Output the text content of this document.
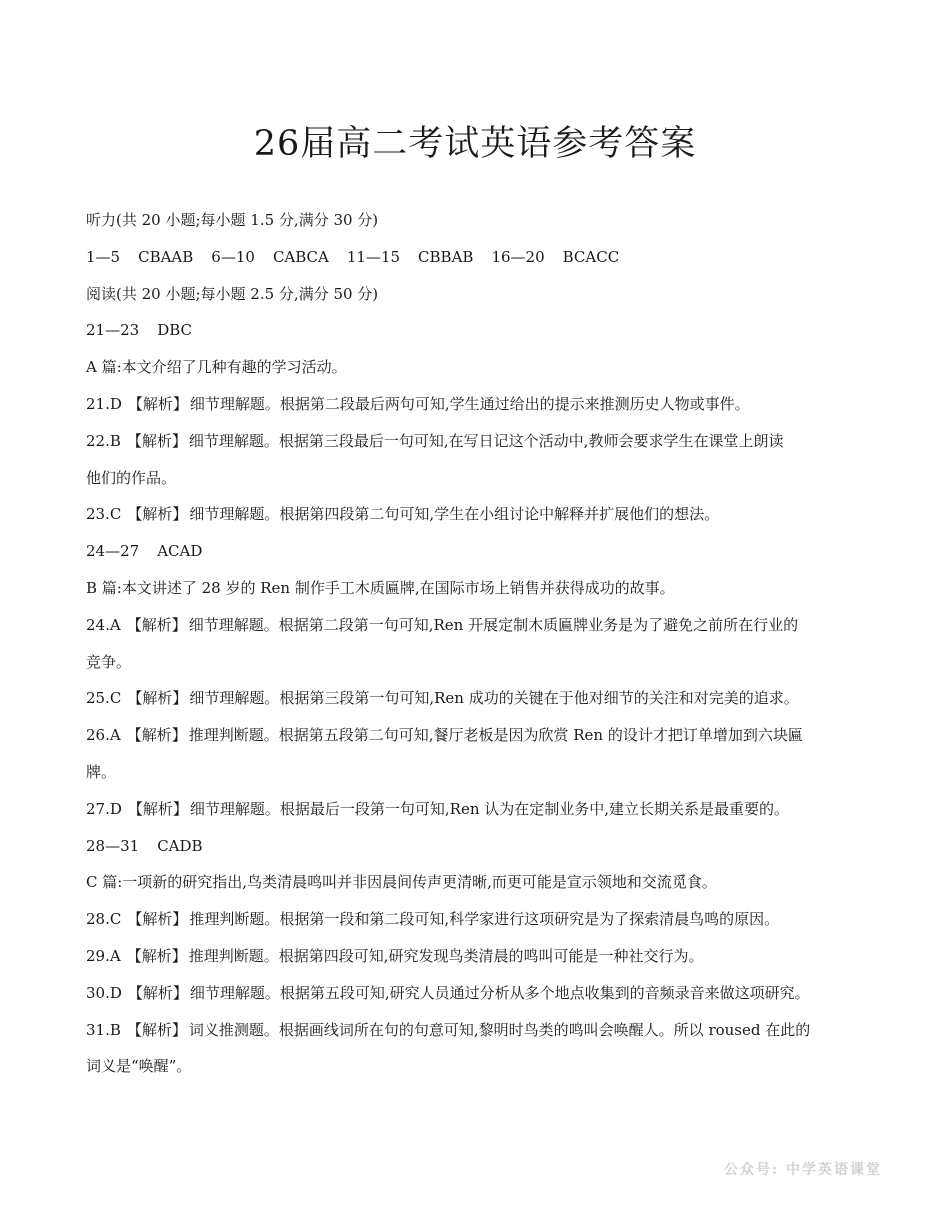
26届高二考试英语参考答案
听力(共 20 小题;每小题 1.5 分,满分 30 分)
1—5 CBAAB 6—10 CABCA 11—15 CBBAB 16—20 BCACC
阅读(共 20 小题;每小题 2.5 分,满分 50 分)
21—23 DBC
A 篇:本文介绍了几种有趣的学习活动。
21.D 【解析】 细节理解题。根据第二段最后两句可知,学生通过给出的提示来推测历史人物或事件。
22.B 【解析】 细节理解题。根据第三段最后一句可知,在写日记这个活动中,教师会要求学生在课堂上朗读
他们的作品。
23.C 【解析】 细节理解题。根据第四段第二句可知,学生在小组讨论中解释并扩展他们的想法。
24—27 ACAD
B 篇:本文讲述了 28 岁的 Ren 制作手工木质匾牌,在国际市场上销售并获得成功的故事。
24.A 【解析】 细节理解题。根据第二段第一句可知,Ren 开展定制木质匾牌业务是为了避免之前所在行业的
竞争。
25.C 【解析】 细节理解题。根据第三段第一句可知,Ren 成功的关键在于他对细节的关注和对完美的追求。
26.A 【解析】 推理判断题。根据第五段第二句可知,餐厅老板是因为欣赏 Ren 的设计才把订单增加到六块匾
牌。
27.D 【解析】 细节理解题。根据最后一段第一句可知,Ren 认为在定制业务中,建立长期关系是最重要的。
28—31 CADB
C 篇:一项新的研究指出,鸟类清晨鸣叫并非因晨间传声更清晰,而更可能是宣示领地和交流觅食。
28.C 【解析】 推理判断题。根据第一段和第二段可知,科学家进行这项研究是为了探索清晨鸟鸣的原因。
29.A 【解析】 推理判断题。根据第四段可知,研究发现鸟类清晨的鸣叫可能是一种社交行为。
30.D 【解析】 细节理解题。根据第五段可知,研究人员通过分析从多个地点收集到的音频录音来做这项研究。
31.B 【解析】 词义推测题。根据画线词所在句的句意可知,黎明时鸟类的鸣叫会唤醒人。所以 roused 在此的
词义是“唤醒”。
公众号: 中学英语课堂
